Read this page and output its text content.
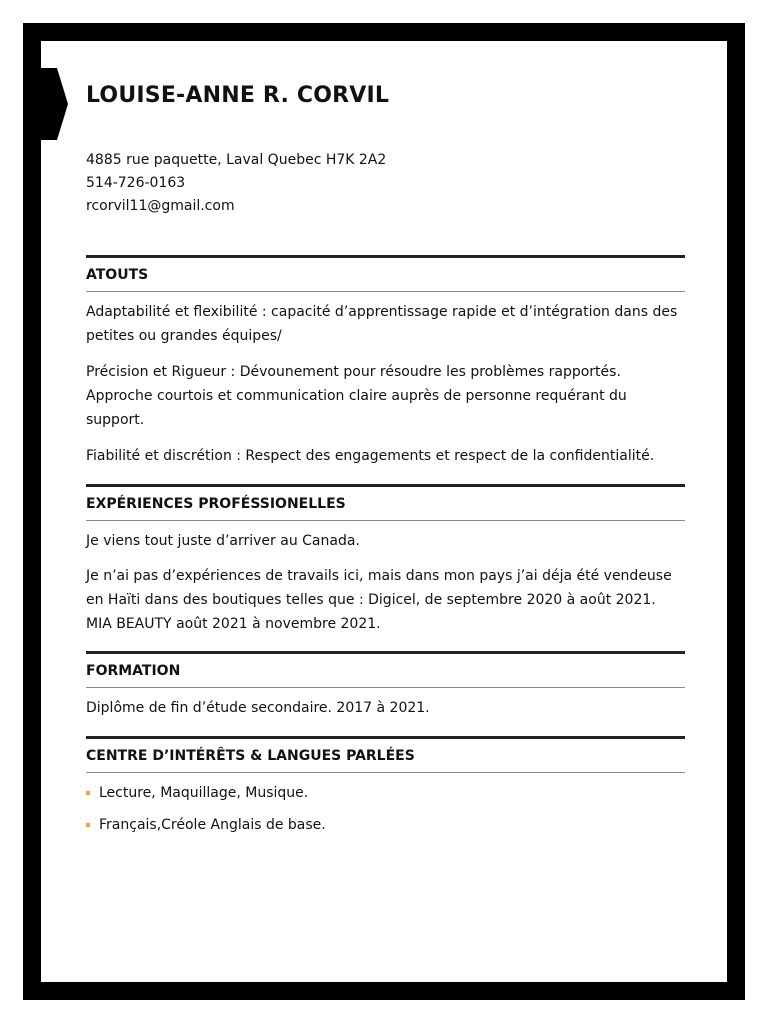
LOUISE-ANNE R. CORVIL
4885 rue paquette, Laval Quebec H7K 2A2
514-726-0163
rcorvil11@gmail.com
ATOUTS

Adaptabilité et flexibilité : capacité d’apprentissage rapide et d’intégration dans des petites ou grandes équipes/

Précision et Rigueur : Dévounement pour résoudre les problèmes rapportés. Approche courtois et communication claire auprès de personne requérant du support.

Fiabilité et discrétion : Respect des engagements et respect de la confidentialité.

EXPÉRIENCES PROFÉSSIONELLES

Je viens tout juste d’arriver au Canada.

Je n’ai pas d’expériences de travails ici, mais dans mon pays j’ai déja été vendeuse en Haïti dans des boutiques telles que : Digicel, de septembre 2020 à août 2021. MIA BEAUTY août 2021 à novembre 2021.

FORMATION

Diplôme de fin d’étude secondaire. 2017 à 2021.

CENTRE D’INTÉRÊTS & LANGUES PARLÉES
Lecture, Maquillage, Musique.
Français,Créole Anglais de base.
